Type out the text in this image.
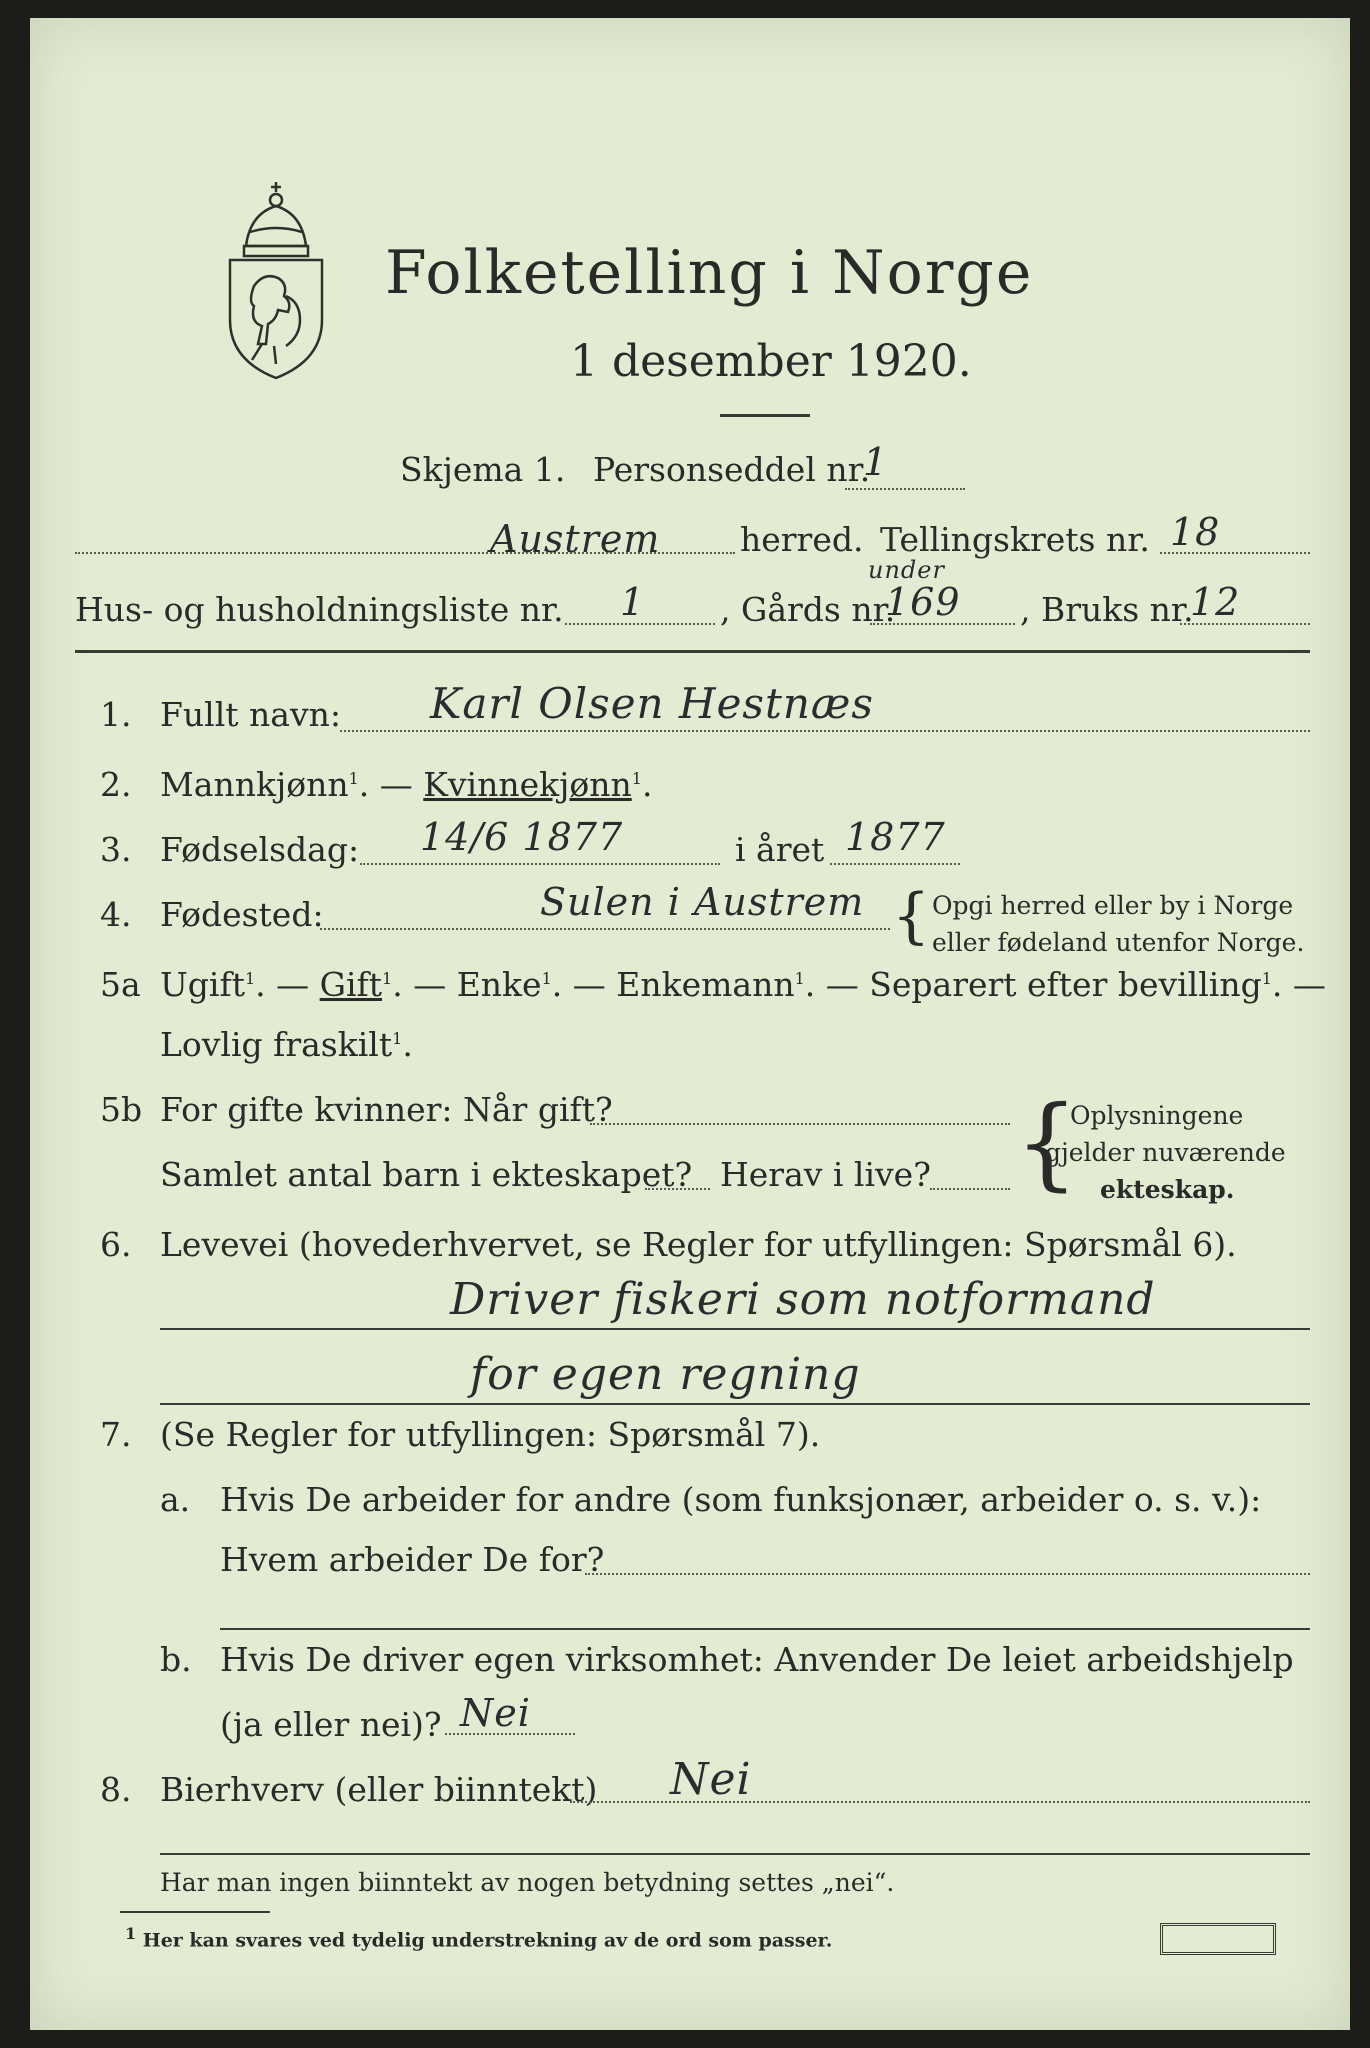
Folketelling i Norge
1 desember 1920.
Skjema 1. Personseddel nr.
1
Austrem herred. Tellingskrets nr. 18
Hus- og husholdningsliste nr. 1 , Gårds nr.
under
169 , Bruks nr.
12
1. Fullt navn: Karl Olsen Hestnæs
2. Mannkjønn$^1$. — Kvinnekjønn$^1$.
3. Fødselsdag: 14/6 1877	i året 1877
4. Fødested:	Sulen i Austrem { Opgi herred eller by i Norge
eller fødeland utenfor Norge.
5a Ugift$^1$. — Gift$^1$. — Enke$^1$. — Enkemann$^1$. — Separert efter bevilling$^1$. —
Lovlig fraskilt$^1$.
5b For gifte kvinner: Når gift?
Samlet antal barn i ekteskapet? Herav i live? {
Oplysningene
gjelder nuværende
ekteskap.
6. Levevei (hovederhvervet, se Regler for utfyllingen: Spørsmål 6).
Driver fiskeri som notformand
for egen regning
7. (Se Regler for utfyllingen: Spørsmål 7).
a. Hvis De arbeider for andre (som funksjonær, arbeider o. s. v.):
Hvem arbeider De for?
b. Hvis De driver egen virksomhet: Anvender De leiet arbeidshjelp
(ja eller nei)? Nei
8. Bierhverv (eller biinntekt) Nei
Har man ingen biinntekt av nogen betydning settes „nei“.
$^1$ Her kan svares ved tydelig understrekning av de ord som passer.
